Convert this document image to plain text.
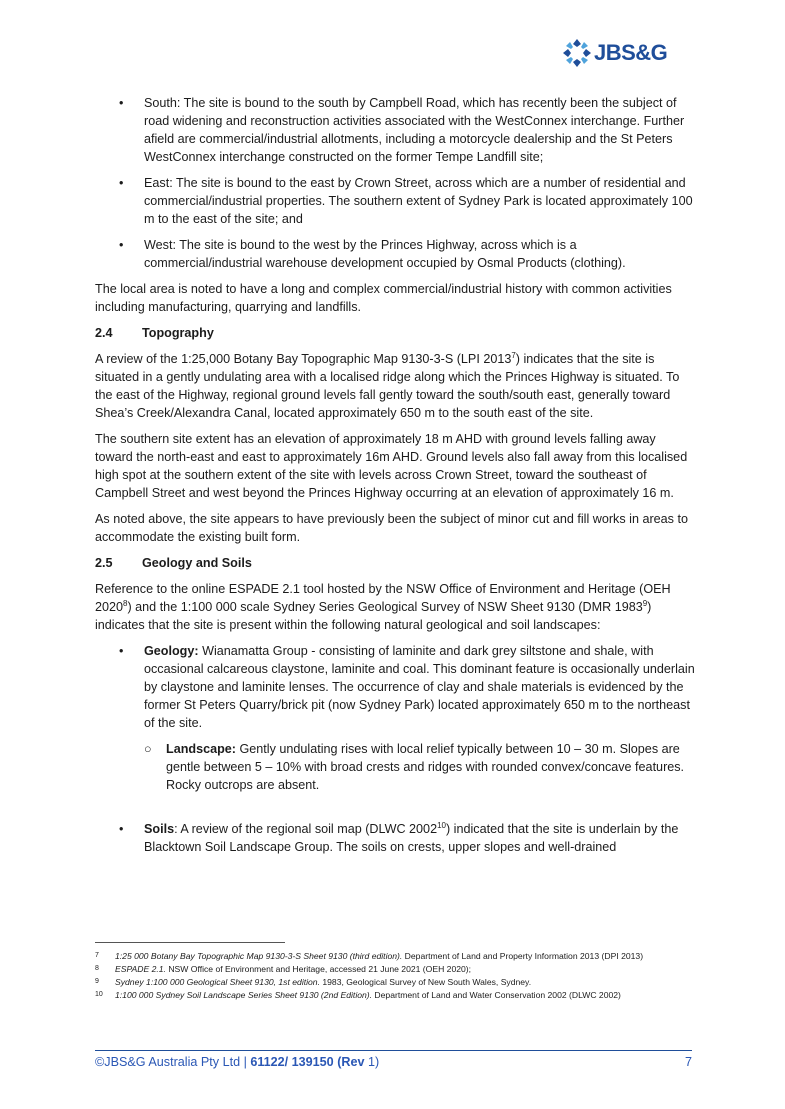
JBS&G
• South: The site is bound to the south by Campbell Road, which has recently been the subject of road widening and reconstruction activities associated with the WestConnex interchange. Further afield are commercial/industrial allotments, including a motorcycle dealership and the St Peters WestConnex interchange constructed on the former Tempe Landfill site;
• East: The site is bound to the east by Crown Street, across which are a number of residential and commercial/industrial properties. The southern extent of Sydney Park is located approximately 100 m to the east of the site; and
• West: The site is bound to the west by the Princes Highway, across which is a commercial/industrial warehouse development occupied by Osmal Products (clothing).

The local area is noted to have a long and complex commercial/industrial history with common activities including manufacturing, quarrying and landfills.

2.4 Topography

A review of the 1:25,000 Botany Bay Topographic Map 9130-3-S (LPI 2013$^7$) indicates that the site is situated in a gently undulating area with a localised ridge along which the Princes Highway is situated. To the east of the Highway, regional ground levels fall gently toward the south/south east, generally toward Shea’s Creek/Alexandra Canal, located approximately 650 m to the south east of the site.

The southern site extent has an elevation of approximately 18 m AHD with ground levels falling away toward the north-east and east to approximately 16m AHD. Ground levels also fall away from this localised high spot at the southern extent of the site with levels across Crown Street, toward the southeast of Campbell Street and west beyond the Princes Highway occurring at an elevation of approximately 16 m.

As noted above, the site appears to have previously been the subject of minor cut and fill works in areas to accommodate the existing built form.

2.5 Geology and Soils

Reference to the online ESPADE 2.1 tool hosted by the NSW Office of Environment and Heritage (OEH 2020$^8$) and the 1:100 000 scale Sydney Series Geological Survey of NSW Sheet 9130 (DMR 1983$^9$) indicates that the site is present within the following natural geological and soil landscapes:

• Geology: Wianamatta Group - consisting of laminite and dark grey siltstone and shale, with occasional calcareous claystone, laminite and coal. This dominant feature is occasionally underlain by claystone and laminite lenses. The occurrence of clay and shale materials is evidenced by the former St Peters Quarry/brick pit (now Sydney Park) located approximately 650 m to the northeast of the site.
○ Landscape: Gently undulating rises with local relief typically between 10 – 30 m. Slopes are gentle between 5 – 10% with broad crests and ridges with rounded convex/concave features. Rocky outcrops are absent.
• Soils: A review of the regional soil map (DLWC 2002$^{10}$) indicated that the site is underlain by the Blacktown Soil Landscape Group. The soils on crests, upper slopes and well-drained
7 1:25 000 Botany Bay Topographic Map 9130-3-S Sheet 9130 (third edition). Department of Land and Property Information 2013 (DPI 2013)
8 ESPADE 2.1. NSW Office of Environment and Heritage, accessed 21 June 2021 (OEH 2020);
9 Sydney 1:100 000 Geological Sheet 9130, 1st edition. 1983, Geological Survey of New South Wales, Sydney.
10 1:100 000 Sydney Soil Landscape Series Sheet 9130 (2nd Edition). Department of Land and Water Conservation 2002 (DLWC 2002)
©JBS&G Australia Pty Ltd | 61122/ 139150 (Rev 1)	7
